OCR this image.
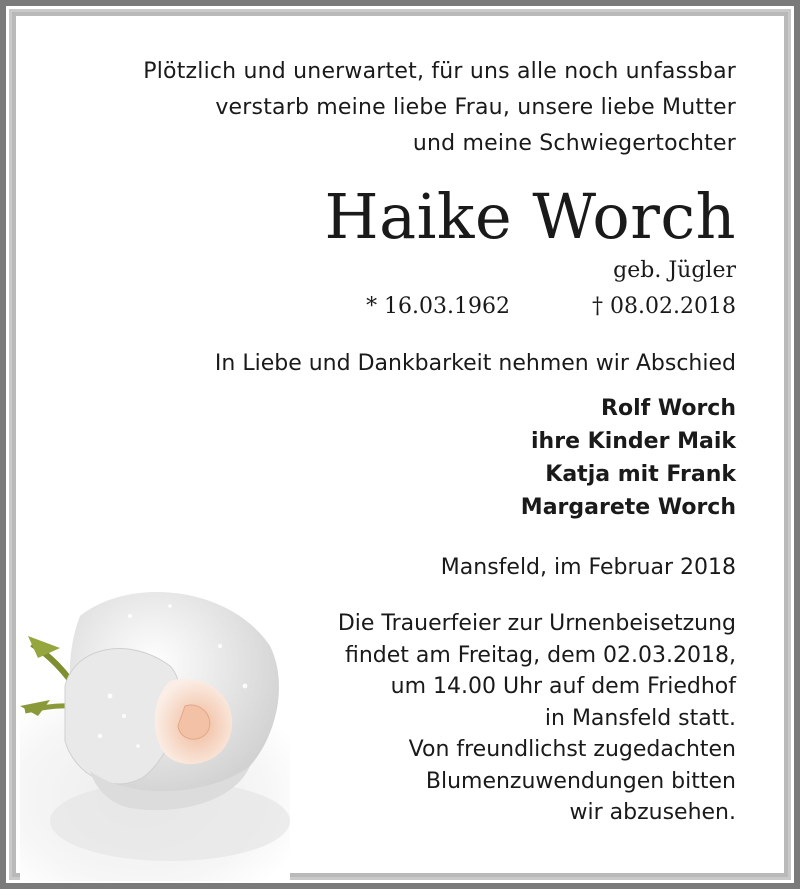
Plötzlich und unerwartet, für uns alle noch unfassbar
verstarb meine liebe Frau, unsere liebe Mutter
und meine Schwiegertochter
Haike Worch
geb. Jügler
* 16.03.1962	† 08.02.2018
In Liebe und Dankbarkeit nehmen wir Abschied
Rolf Worch
ihre Kinder Maik
Katja mit Frank
Margarete Worch
Mansfeld, im Februar 2018
Die Trauerfeier zur Urnenbeisetzung
findet am Freitag, dem 02.03.2018,
um 14.00 Uhr auf dem Friedhof
in Mansfeld statt.
Von freundlichst zugedachten
Blumenzuwendungen bitten
wir abzusehen.
